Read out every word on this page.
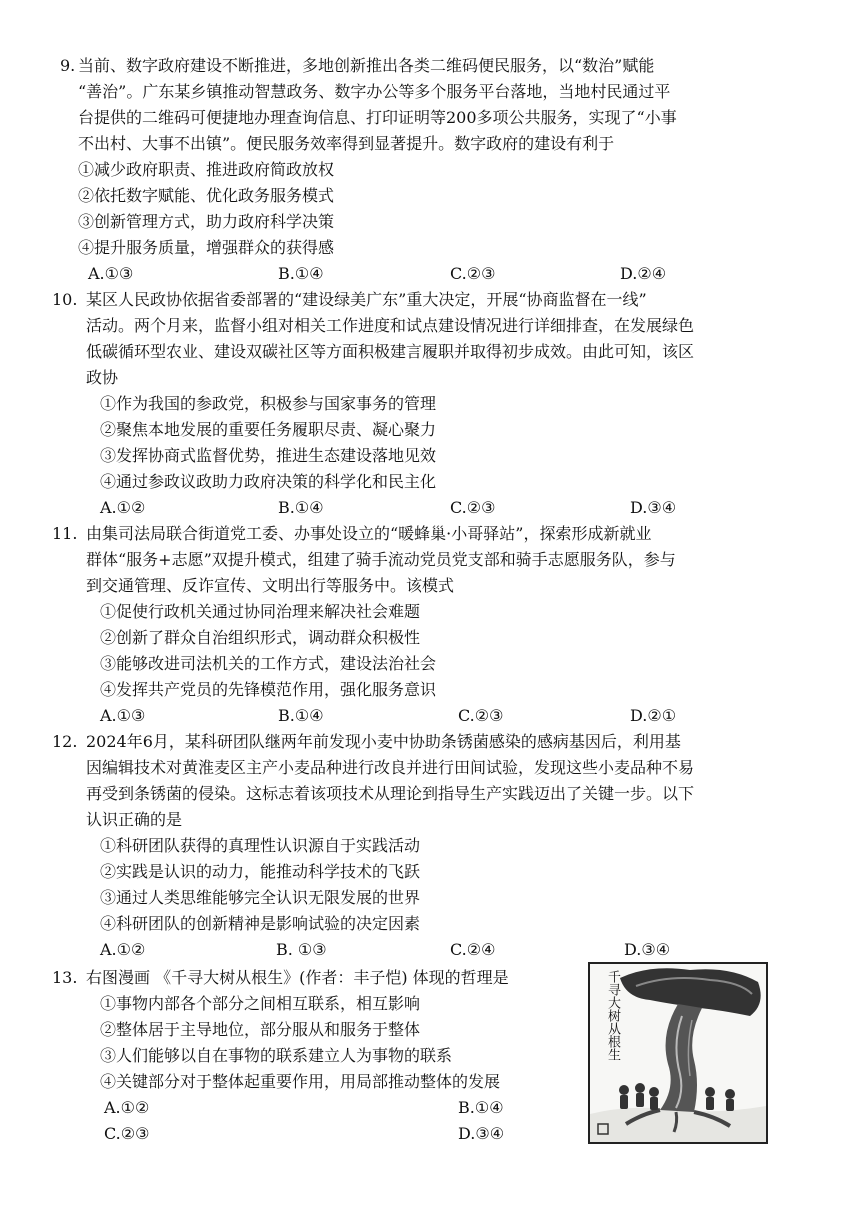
9. 当前、数字政府建设不断推进，多地创新推出各类二维码便民服务，以“数治”赋能
“善治”。广东某乡镇推动智慧政务、数字办公等多个服务平台落地，当地村民通过平
台提供的二维码可便捷地办理查询信息、打印证明等200多项公共服务，实现了“小事
不出村、大事不出镇”。便民服务效率得到显著提升。数字政府的建设有利于
①减少政府职责、推进政府简政放权
②依托数字赋能、优化政务服务模式
③创新管理方式，助力政府科学决策
④提升服务质量，增强群众的获得感
A.①③	B.①④	C.②③	D.②④
10. 某区人民政协依据省委部署的“建设绿美广东”重大决定，开展“协商监督在一线”
活动。两个月来，监督小组对相关工作进度和试点建设情况进行详细排查，在发展绿色
低碳循环型农业、建设双碳社区等方面积极建言履职并取得初步成效。由此可知，该区
政协
①作为我国的参政党，积极参与国家事务的管理
②聚焦本地发展的重要任务履职尽责、凝心聚力
③发挥协商式监督优势，推进生态建设落地见效
④通过参政议政助力政府决策的科学化和民主化
A.①②	B.①④	C.②③	D.③④
11. 由集司法局联合街道党工委、办事处设立的“暖蜂巢·小哥驿站”，探索形成新就业
群体“服务+志愿”双提升模式，组建了骑手流动党员党支部和骑手志愿服务队，参与
到交通管理、反诈宣传、文明出行等服务中。该模式
①促使行政机关通过协同治理来解决社会难题
②创新了群众自治组织形式，调动群众积极性
③能够改进司法机关的工作方式，建设法治社会
④发挥共产党员的先锋模范作用，强化服务意识
A.①③	B.①④	C.②③	D.②①
12. 2024年6月，某科研团队继两年前发现小麦中协助条锈菌感染的感病基因后，利用基
因编辑技术对黄淮麦区主产小麦品种进行改良并进行田间试验，发现这些小麦品种不易
再受到条锈菌的侵染。这标志着该项技术从理论到指导生产实践迈出了关键一步。以下
认识正确的是
①科研团队获得的真理性认识源自于实践活动
②实践是认识的动力，能推动科学技术的飞跃
③通过人类思维能够完全认识无限发展的世界
④科研团队的创新精神是影响试验的决定因素
A.①②	B. ①③	C.②④	D.③④
13. 右图漫画 《千寻大树从根生》(作者：丰子恺) 体现的哲理是
①事物内部各个部分之间相互联系，相互影响
②整体居于主导地位，部分服从和服务于整体
③人们能够以自在事物的联系建立人为事物的联系
④关键部分对于整体起重要作用，用局部推动整体的发展
A.①②	B.①④
C.②③	D.③④
千寻大树从根生
